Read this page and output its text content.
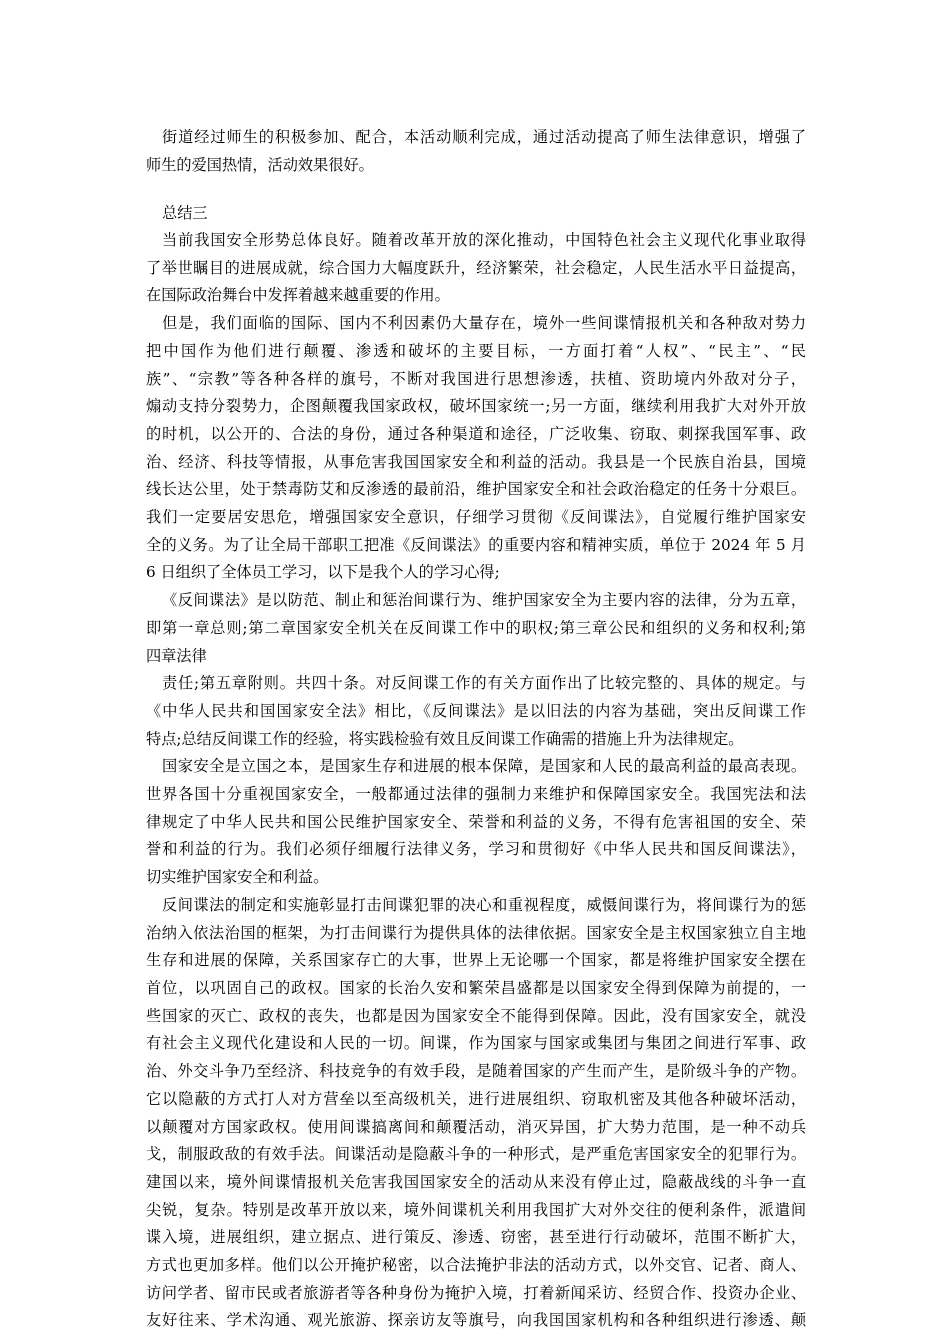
街道经过师生的积极参加、配合，本活动顺利完成，通过活动提高了师生法律意识，增强了
师生的爱国热情，活动效果很好。
总结三
当前我国安全形势总体良好。随着改革开放的深化推动，中国特色社会主义现代化事业取得
了举世瞩目的进展成就，综合国力大幅度跃升，经济繁荣，社会稳定，人民生活水平日益提高，
在国际政治舞台中发挥着越来越重要的作用。
但是，我们面临的国际、国内不利因素仍大量存在，境外一些间谍情报机关和各种敌对势力
把中国作为他们进行颠覆、渗透和破坏的主要目标，一方面打着“人权”、“民主”、“民
族”、“宗教”等各种各样的旗号，不断对我国进行思想渗透，扶植、资助境内外敌对分子，
煽动支持分裂势力，企图颠覆我国家政权，破坏国家统一;另一方面，继续利用我扩大对外开放
的时机，以公开的、合法的身份，通过各种渠道和途径，广泛收集、窃取、刺探我国军事、政
治、经济、科技等情报，从事危害我国国家安全和利益的活动。我县是一个民族自治县，国境
线长达公里，处于禁毒防艾和反渗透的最前沿，维护国家安全和社会政治稳定的任务十分艰巨。
我们一定要居安思危，增强国家安全意识，仔细学习贯彻《反间谍法》，自觉履行维护国家安
全的义务。为了让全局干部职工把准《反间谍法》的重要内容和精神实质，单位于 2024 年 5 月
6 日组织了全体员工学习，以下是我个人的学习心得;
《反间谍法》是以防范、制止和惩治间谍行为、维护国家安全为主要内容的法律，分为五章，
即第一章总则;第二章国家安全机关在反间谍工作中的职权;第三章公民和组织的义务和权利;第
四章法律
责任;第五章附则。共四十条。对反间谍工作的有关方面作出了比较完整的、具体的规定。与
《中华人民共和国国家安全法》相比，《反间谍法》是以旧法的内容为基础，突出反间谍工作
特点;总结反间谍工作的经验，将实践检验有效且反间谍工作确需的措施上升为法律规定。
国家安全是立国之本，是国家生存和进展的根本保障，是国家和人民的最高利益的最高表现。
世界各国十分重视国家安全，一般都通过法律的强制力来维护和保障国家安全。我国宪法和法
律规定了中华人民共和国公民维护国家安全、荣誉和利益的义务，不得有危害祖国的安全、荣
誉和利益的行为。我们必须仔细履行法律义务，学习和贯彻好《中华人民共和国反间谍法》，
切实维护国家安全和利益。
反间谍法的制定和实施彰显打击间谍犯罪的决心和重视程度，威慑间谍行为，将间谍行为的惩
治纳入依法治国的框架，为打击间谍行为提供具体的法律依据。国家安全是主权国家独立自主地
生存和进展的保障，关系国家存亡的大事，世界上无论哪一个国家，都是将维护国家安全摆在
首位，以巩固自己的政权。国家的长治久安和繁荣昌盛都是以国家安全得到保障为前提的，一
些国家的灭亡、政权的丧失，也都是因为国家安全不能得到保障。因此，没有国家安全，就没
有社会主义现代化建设和人民的一切。间谍，作为国家与国家或集团与集团之间进行军事、政
治、外交斗争乃至经济、科技竞争的有效手段，是随着国家的产生而产生，是阶级斗争的产物。
它以隐蔽的方式打人对方营垒以至高级机关，进行进展组织、窃取机密及其他各种破坏活动，
以颠覆对方国家政权。使用间谍搞离间和颠覆活动，消灭异国，扩大势力范围，是一种不动兵
戈，制服政敌的有效手法。间谍活动是隐蔽斗争的一种形式，是严重危害国家安全的犯罪行为。
建国以来，境外间谍情报机关危害我国国家安全的活动从来没有停止过，隐蔽战线的斗争一直
尖锐，复杂。特别是改革开放以来，境外间谍机关利用我国扩大对外交往的便利条件，派遣间
谍入境，进展组织，建立据点、进行策反、渗透、窃密，甚至进行行动破坏，范围不断扩大，
方式也更加多样。他们以公开掩护秘密，以合法掩护非法的活动方式，以外交官、记者、商人、
访问学者、留市民或者旅游者等各种身份为掩护入境，打着新闻采访、经贸合作、投资办企业、
友好往来、学术沟通、观光旅游、探亲访友等旗号，向我国国家机构和各种组织进行渗透、颠
